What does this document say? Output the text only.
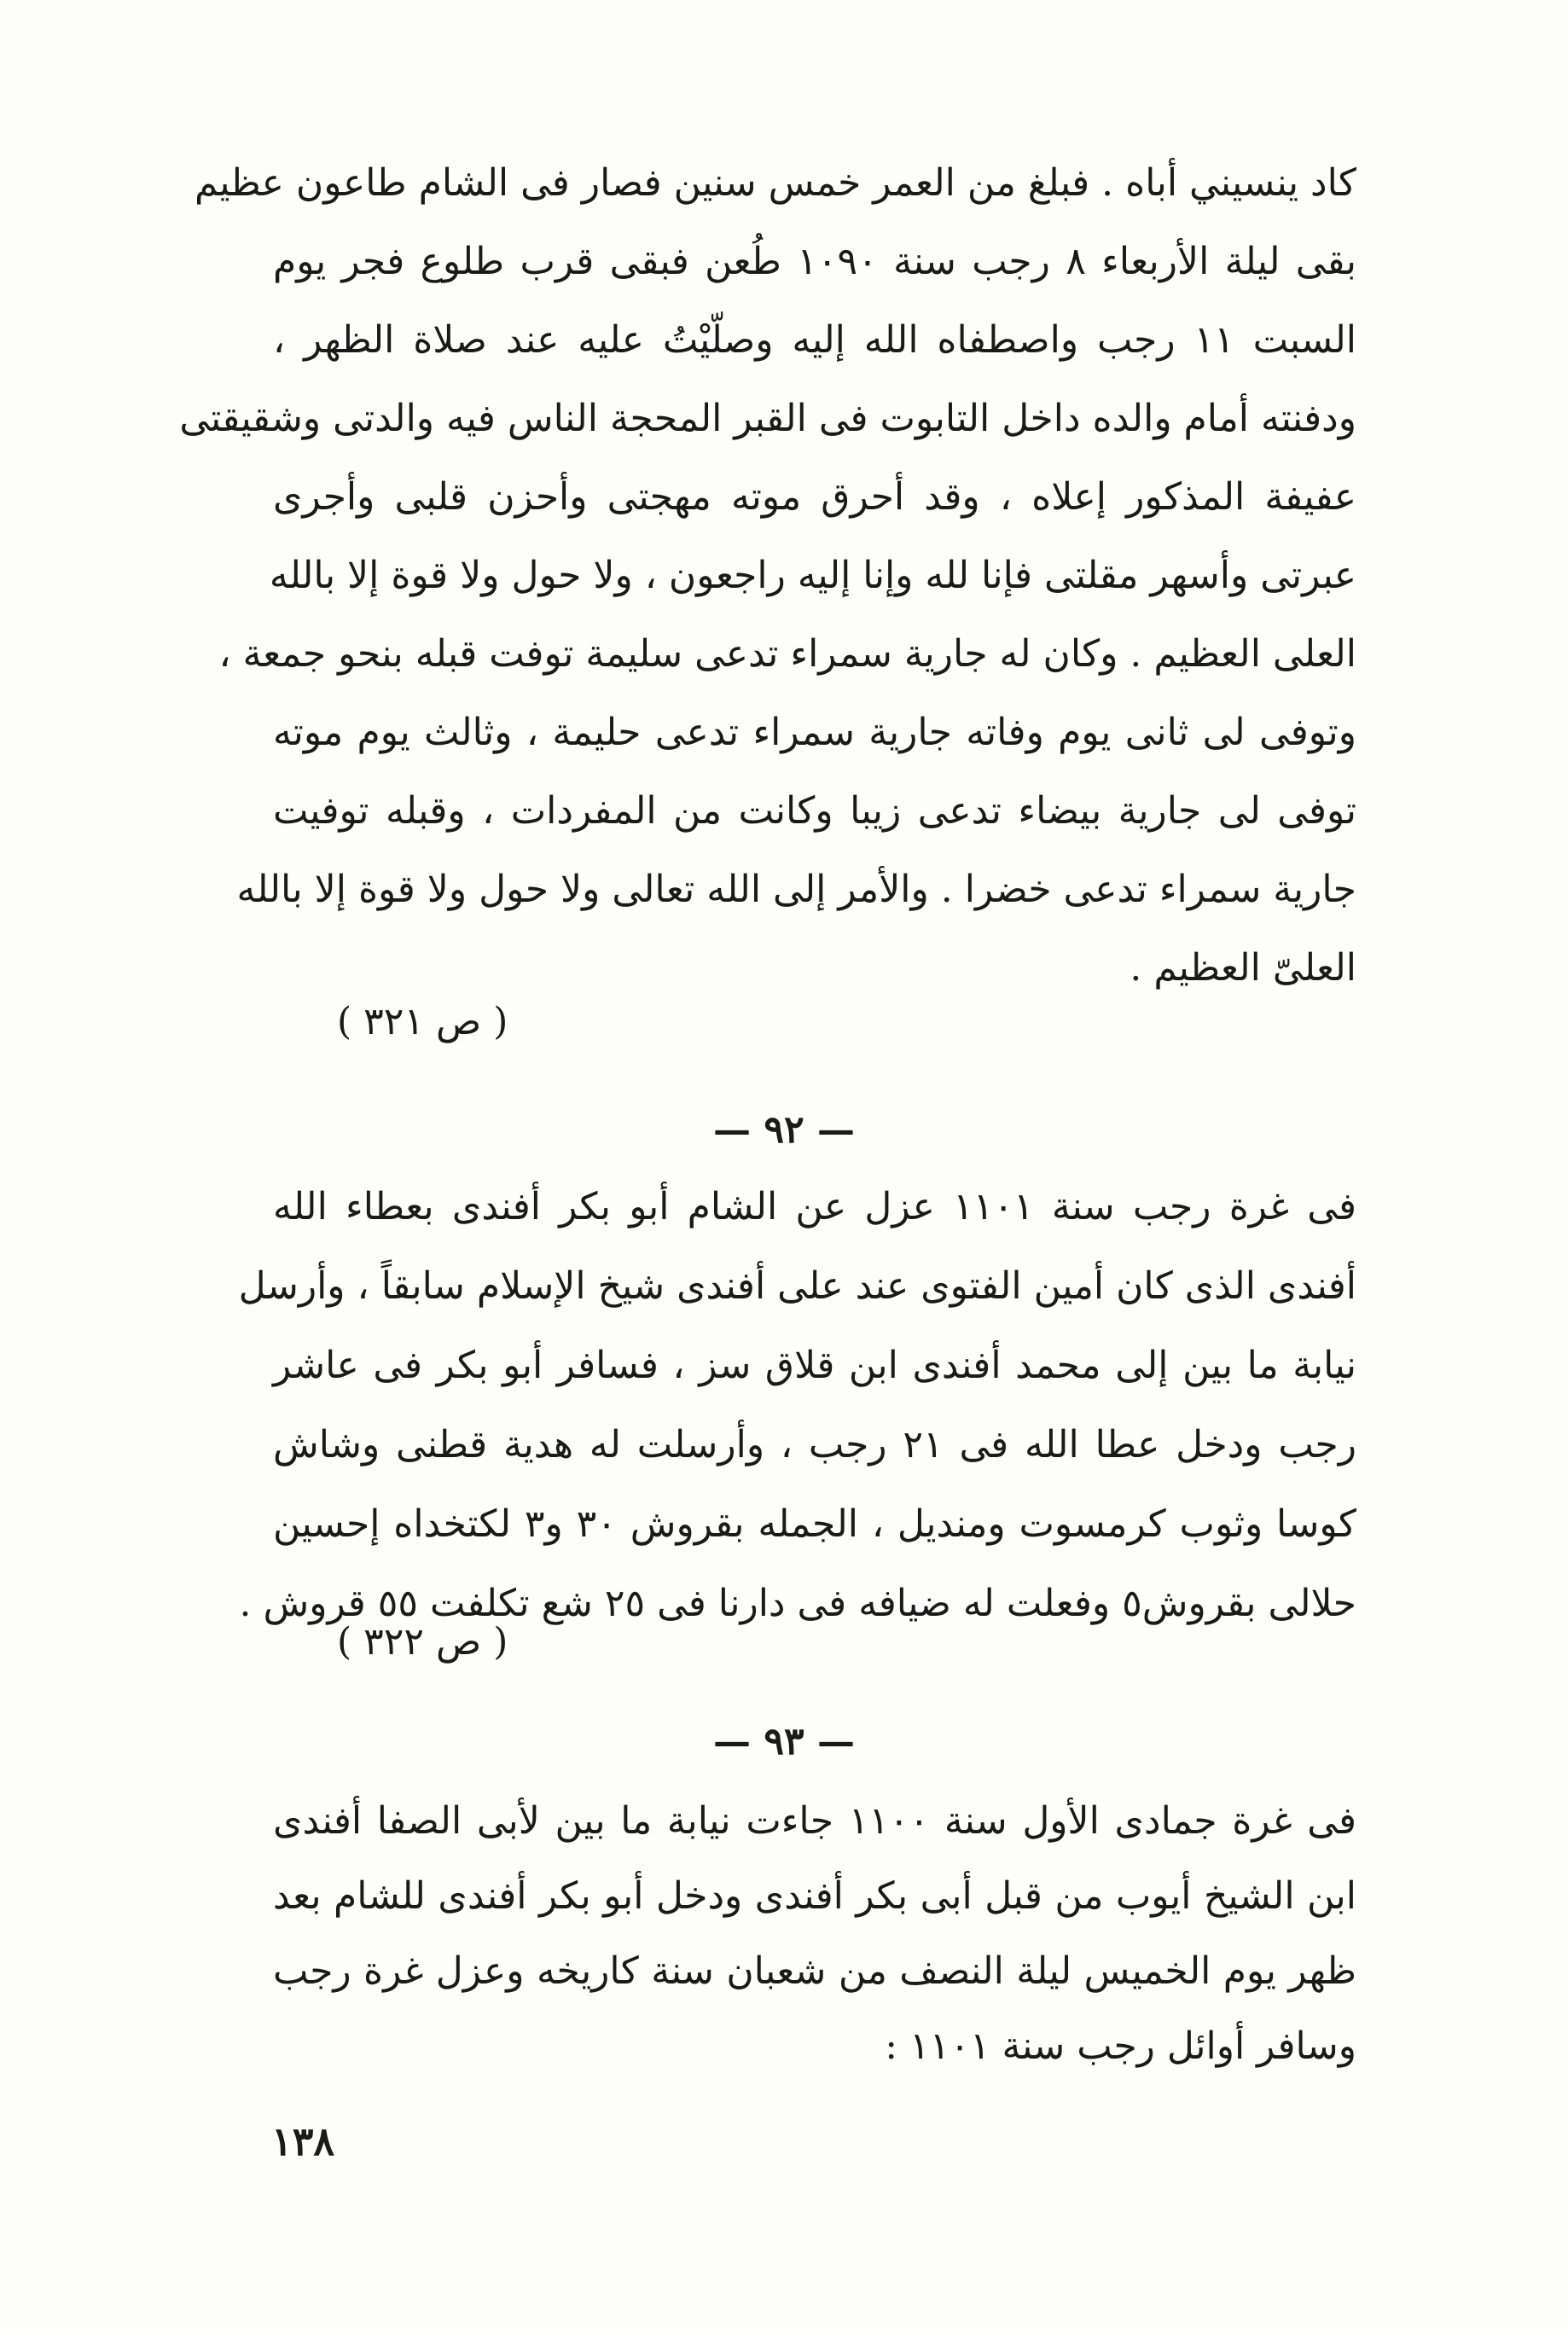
كاد ينسيني أباه . فبلغ من العمر خمس سنين فصار فى الشام طاعون عظيم
بقى ليلة الأربعاء ٨ رجب سنة ١٠٩٠ طُعن فبقى قرب طلوع فجر يوم
السبت ١١ رجب واصطفاه الله إليه وصلّيْتُ عليه عند صلاة الظهر ،
ودفنته أمام والده داخل التابوت فى القبر المحجة الناس فيه والدتى وشقيقتى
عفيفة المذكور إعلاه ، وقد أحرق موته مهجتى وأحزن قلبى وأجرى
عبرتى وأسهر مقلتى فإنا لله وإنا إليه راجعون ، ولا حول ولا قوة إلا بالله
العلى العظيم . وكان له جارية سمراء تدعى سليمة توفت قبله بنحو جمعة ،
وتوفى لى ثانى يوم وفاته جارية سمراء تدعى حليمة ، وثالث يوم موته
توفى لى جارية بيضاء تدعى زيبا وكانت من المفردات ، وقبله توفيت
جارية سمراء تدعى خضرا . والأمر إلى الله تعالى ولا حول ولا قوة إلا بالله
العلىّ العظيم .
( ص ٣٢١ )
— ٩٢ —
فى غرة رجب سنة ١١٠١ عزل عن الشام أبو بكر أفندى بعطاء الله
أفندى الذى كان أمين الفتوى عند على أفندى شيخ الإسلام سابقاً ، وأرسل
نيابة ما بين إلى محمد أفندى ابن قلاق سز ، فسافر أبو بكر فى عاشر
رجب ودخل عطا الله فى ٢١ رجب ، وأرسلت له هدية قطنى وشاش
كوسا وثوب كرمسوت ومنديل ، الجمله بقروش ٣٠ و٣ لكتخداه إحسين
حلالى بقروش٥ وفعلت له ضيافه فى دارنا فى ٢٥ شع تكلفت ٥٥ قروش .
( ص ٣٢٢ )
— ٩٣ —
فى غرة جمادى الأول سنة ١١٠٠ جاءت نيابة ما بين لأبى الصفا أفندى
ابن الشيخ أيوب من قبل أبى بكر أفندى ودخل أبو بكر أفندى للشام بعد
ظهر يوم الخميس ليلة النصف من شعبان سنة كاريخه وعزل غرة رجب
وسافر أوائل رجب سنة ١١٠١ :
١٣٨
